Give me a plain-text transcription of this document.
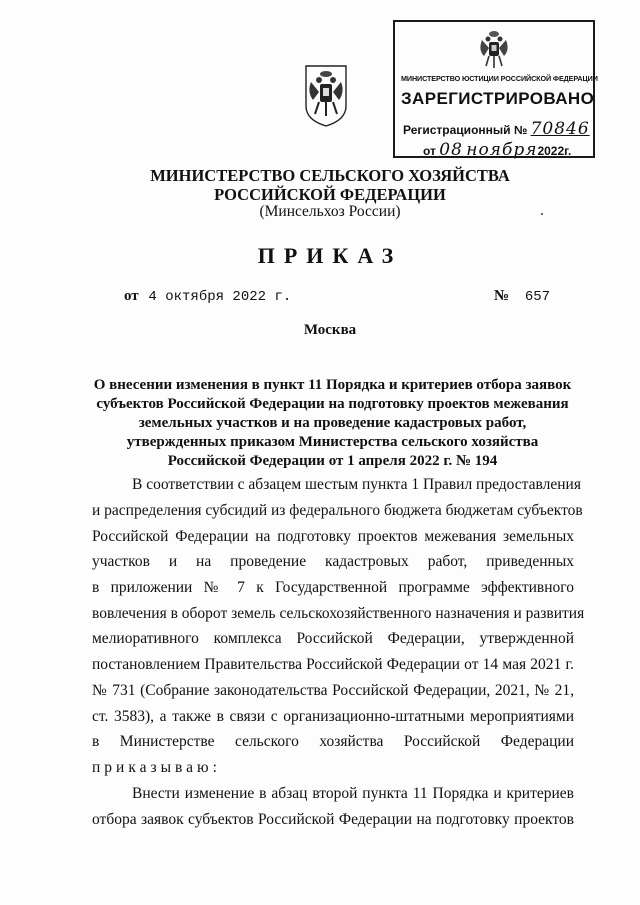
МИНИСТЕРСТВО ЮСТИЦИИ РОССИЙСКОЙ ФЕДЕРАЦИИ
ЗАРЕГИСТРИРОВАНО
Регистрационный № 70846
от 08 ноября2022г.
МИНИСТЕРСТВО СЕЛЬСКОГО ХОЗЯЙСТВА
РОССИЙСКОЙ ФЕДЕРАЦИИ
(Минсельхоз России)
ПРИКАЗ
от 4 октября 2022 г.	№ 657
Москва
О внесении изменения в пункт 11 Порядка и критериев отбора заявок
субъектов Российской Федерации на подготовку проектов межевания
земельных участков и на проведение кадастровых работ,
утвержденных приказом Министерства сельского хозяйства
Российской Федерации от 1 апреля 2022 г. № 194
В соответствии с абзацем шестым пункта 1 Правил предоставления
и распределения субсидий из федерального бюджета бюджетам субъектов
Российской Федерации на подготовку проектов межевания земельных
участков и на проведение кадастровых работ, приведенных
в приложении № 7 к Государственной программе эффективного
вовлечения в оборот земель сельскохозяйственного назначения и развития
мелиоративного комплекса Российской Федерации, утвержденной
постановлением Правительства Российской Федерации от 14 мая 2021 г.
№ 731 (Собрание законодательства Российской Федерации, 2021, № 21,
ст. 3583), а также в связи с организационно-штатными мероприятиями
в Министерстве сельского хозяйства Российской Федерации
приказываю:
Внести изменение в абзац второй пункта 11 Порядка и критериев
отбора заявок субъектов Российской Федерации на подготовку проектов
